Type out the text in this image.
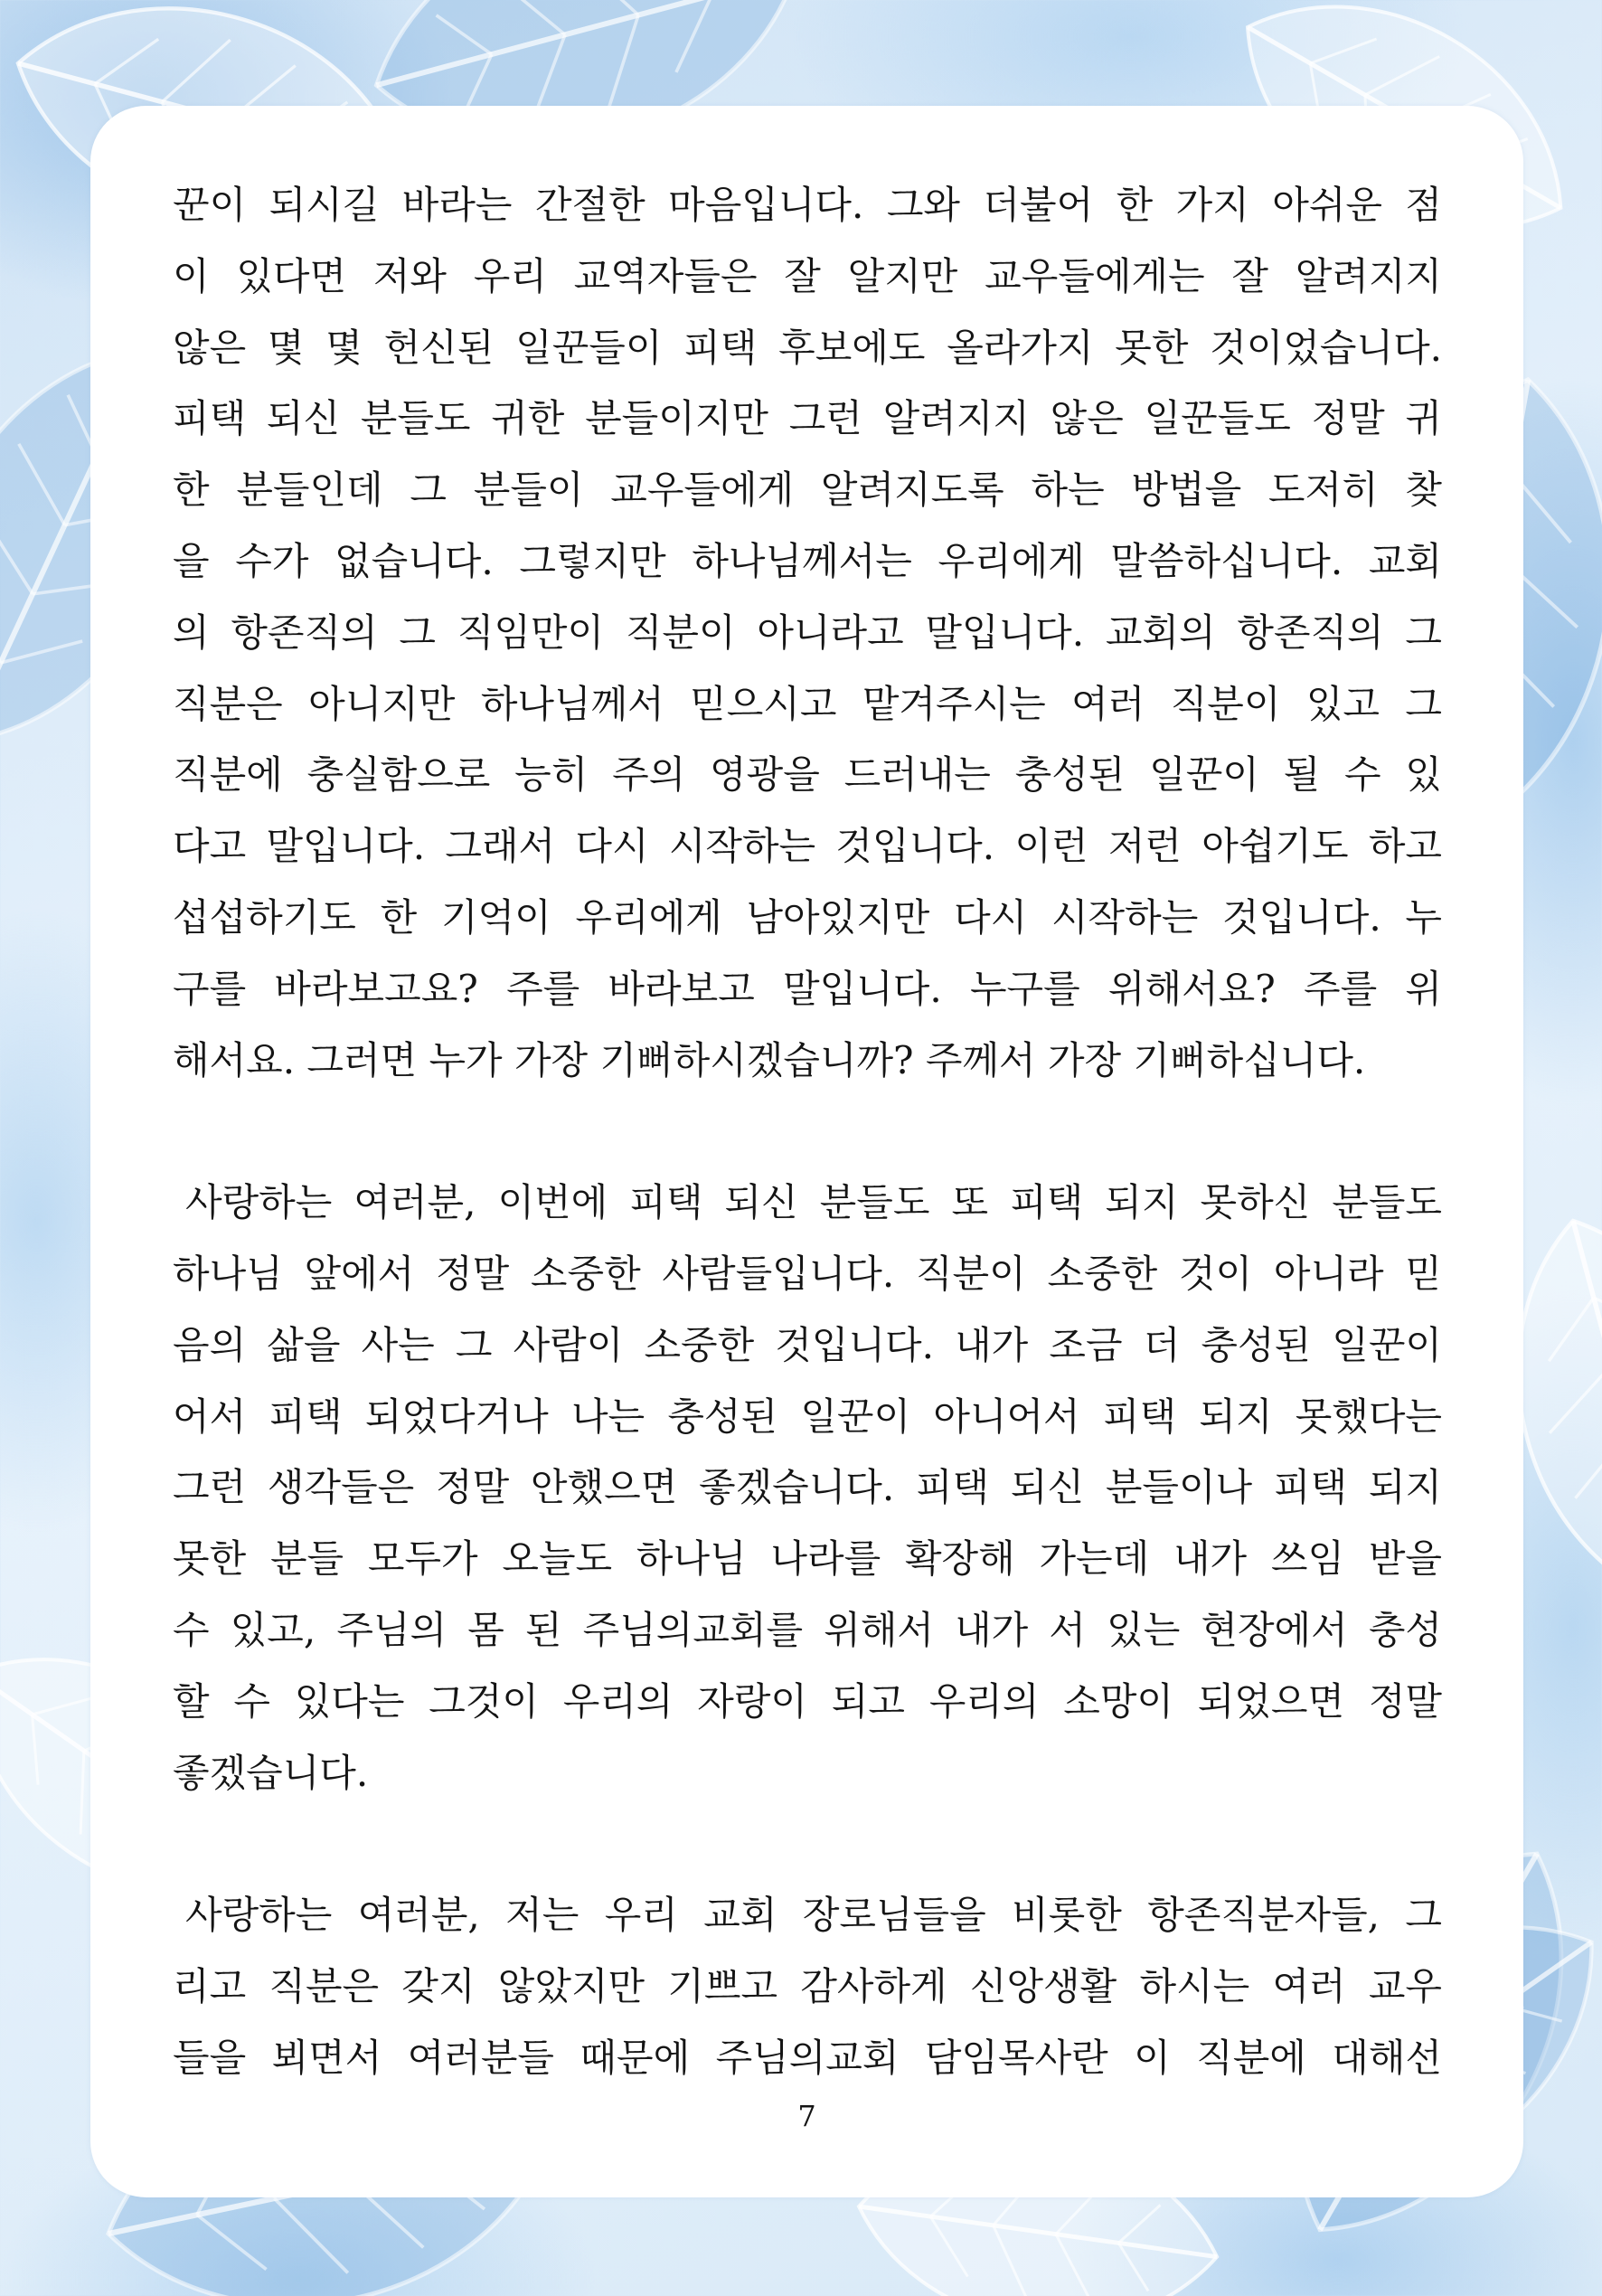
꾼이 되시길 바라는 간절한 마음입니다. 그와 더불어 한 가지 아쉬운 점
이 있다면 저와 우리 교역자들은 잘 알지만 교우들에게는 잘 알려지지
않은 몇 몇 헌신된 일꾼들이 피택 후보에도 올라가지 못한 것이었습니다.
피택 되신 분들도 귀한 분들이지만 그런 알려지지 않은 일꾼들도 정말 귀
한 분들인데 그 분들이 교우들에게 알려지도록 하는 방법을 도저히 찾
을 수가 없습니다. 그렇지만 하나님께서는 우리에게 말씀하십니다. 교회
의 항존직의 그 직임만이 직분이 아니라고 말입니다. 교회의 항존직의 그
직분은 아니지만 하나님께서 믿으시고 맡겨주시는 여러 직분이 있고 그
직분에 충실함으로 능히 주의 영광을 드러내는 충성된 일꾼이 될 수 있
다고 말입니다. 그래서 다시 시작하는 것입니다. 이런 저런 아쉽기도 하고
섭섭하기도 한 기억이 우리에게 남아있지만 다시 시작하는 것입니다. 누
구를 바라보고요? 주를 바라보고 말입니다. 누구를 위해서요? 주를 위
해서요. 그러면 누가 가장 기뻐하시겠습니까? 주께서 가장 기뻐하십니다.
사랑하는 여러분, 이번에 피택 되신 분들도 또 피택 되지 못하신 분들도
하나님 앞에서 정말 소중한 사람들입니다. 직분이 소중한 것이 아니라 믿
음의 삶을 사는 그 사람이 소중한 것입니다. 내가 조금 더 충성된 일꾼이
어서 피택 되었다거나 나는 충성된 일꾼이 아니어서 피택 되지 못했다는
그런 생각들은 정말 안했으면 좋겠습니다. 피택 되신 분들이나 피택 되지
못한 분들 모두가 오늘도 하나님 나라를 확장해 가는데 내가 쓰임 받을
수 있고, 주님의 몸 된 주님의교회를 위해서 내가 서 있는 현장에서 충성
할 수 있다는 그것이 우리의 자랑이 되고 우리의 소망이 되었으면 정말
좋겠습니다.
사랑하는 여러분, 저는 우리 교회 장로님들을 비롯한 항존직분자들, 그
리고 직분은 갖지 않았지만 기쁘고 감사하게 신앙생활 하시는 여러 교우
들을 뵈면서 여러분들 때문에 주님의교회 담임목사란 이 직분에 대해선
7
